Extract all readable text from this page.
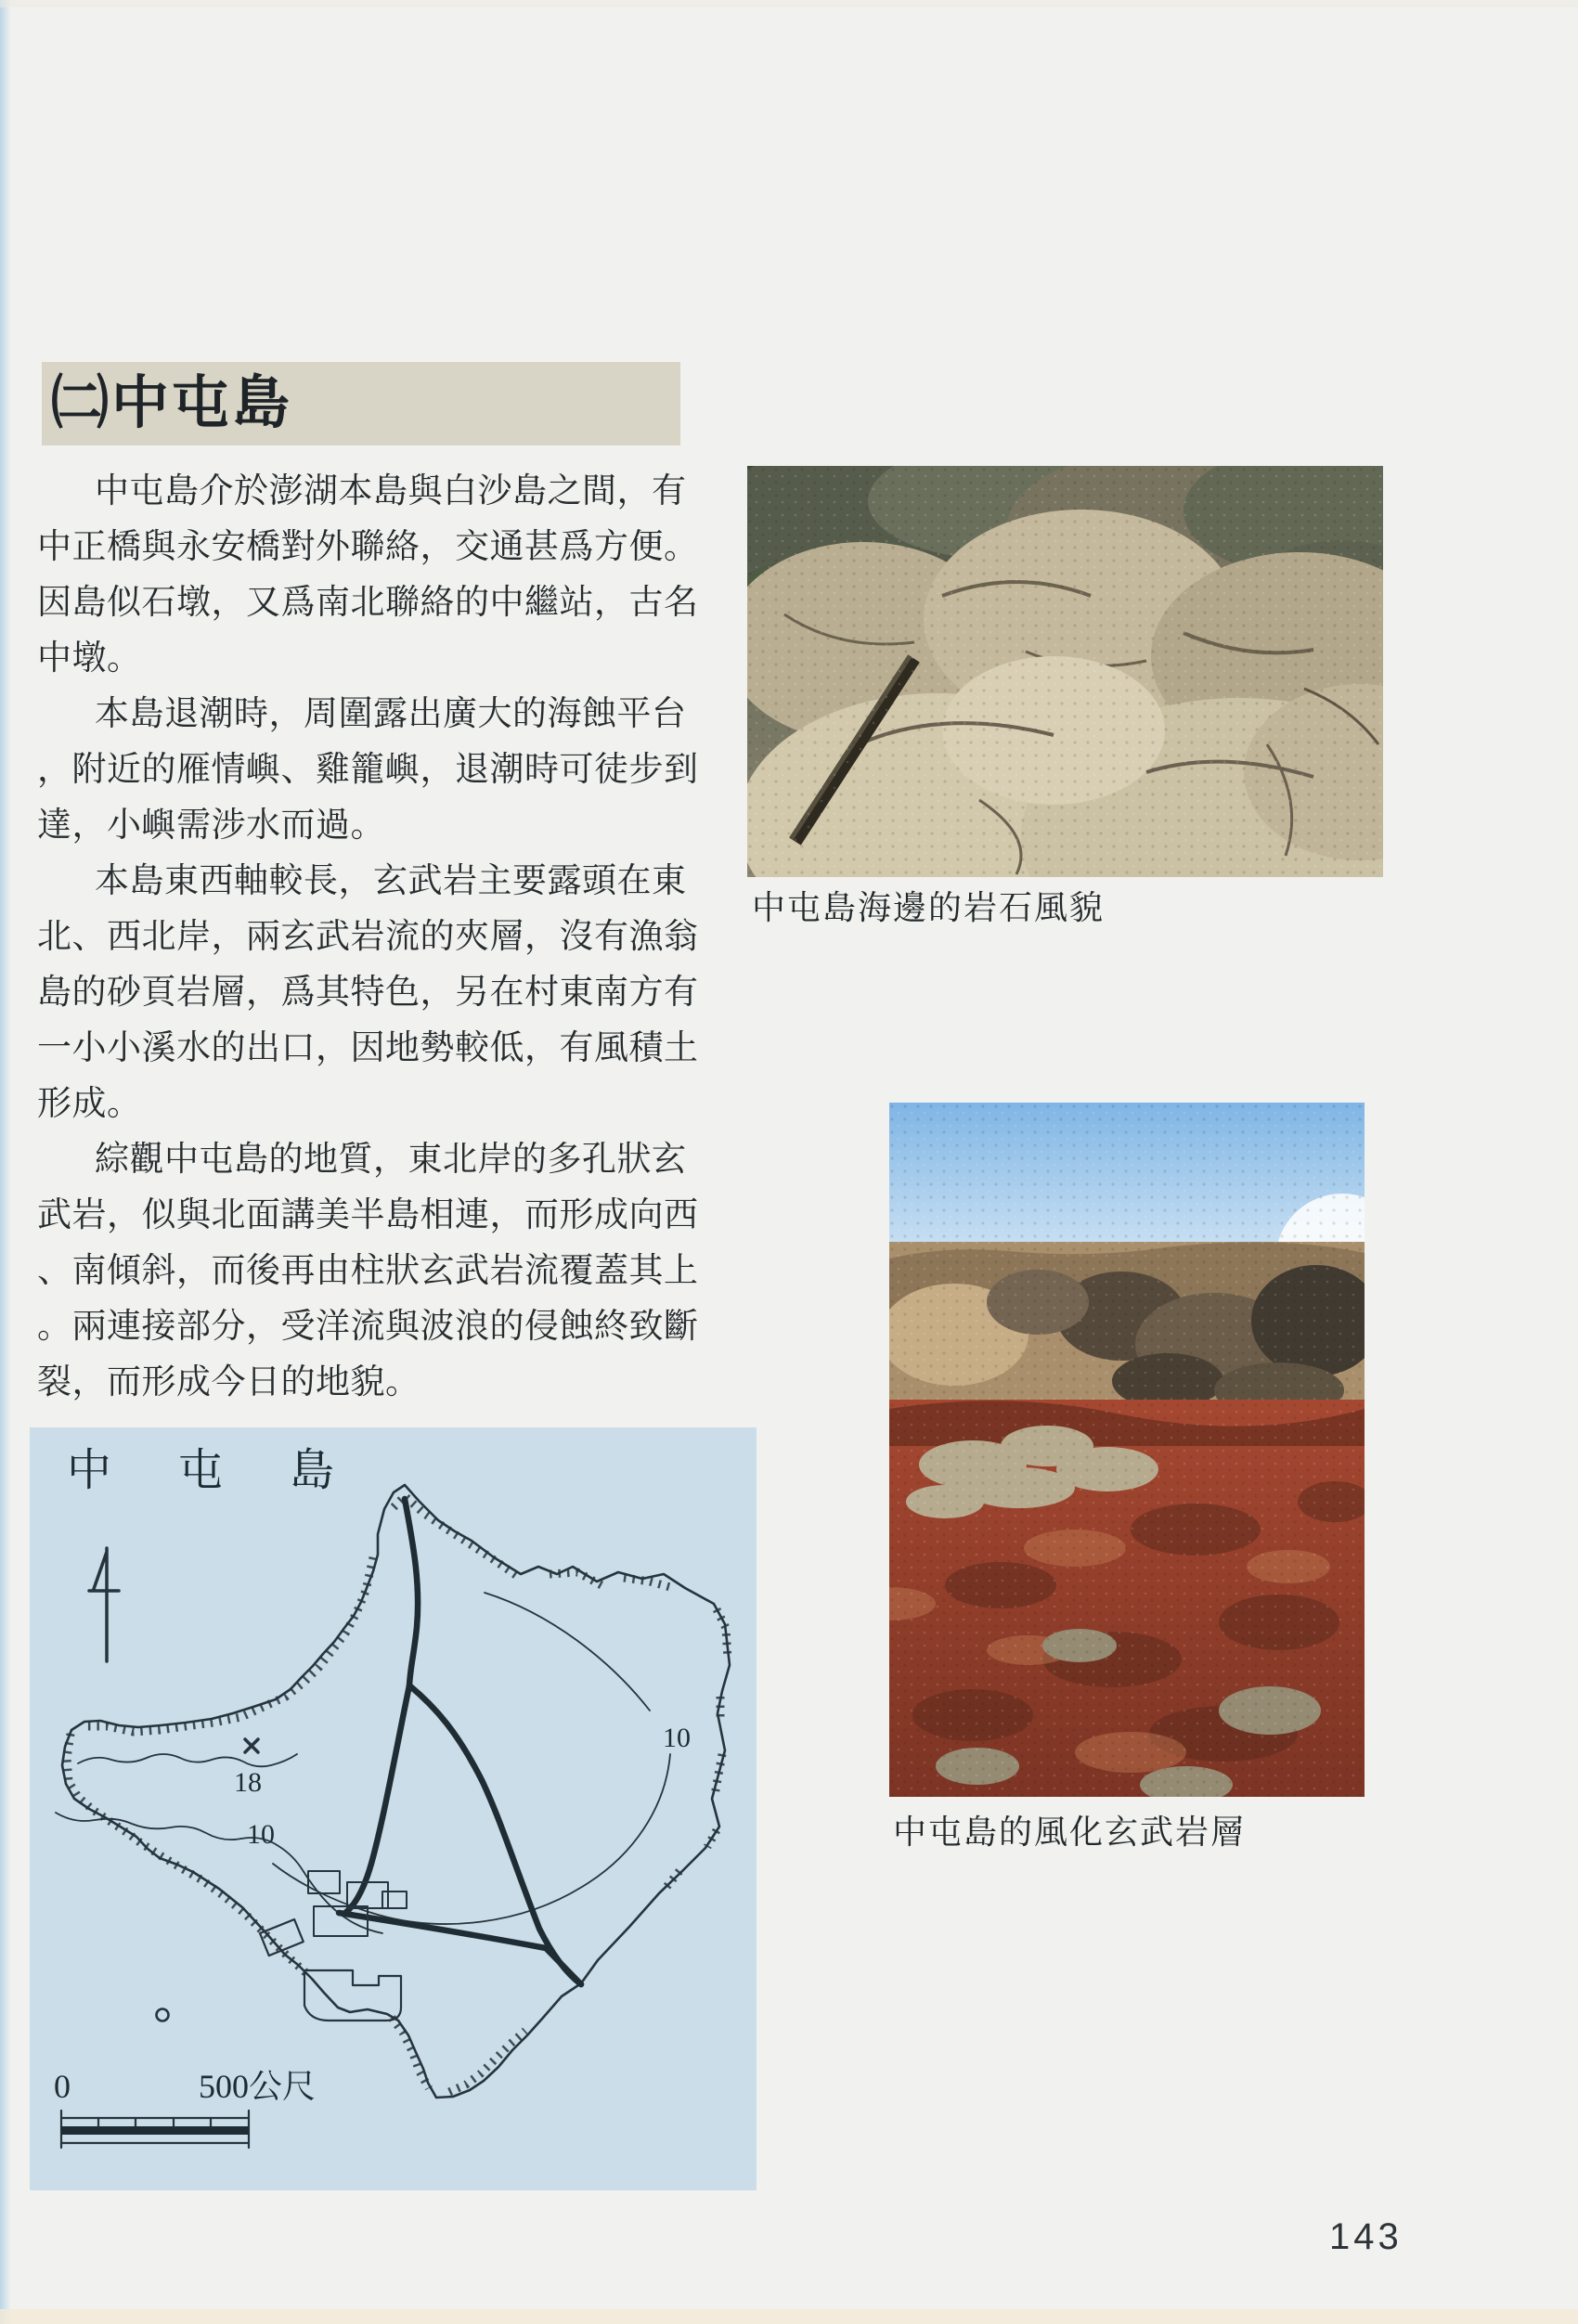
㈡中屯島
中屯島介於澎湖本島與白沙島之間，有
中正橋與永安橋對外聯絡，交通甚爲方便。
因島似石墩，又爲南北聯絡的中繼站，古名
中墩。
本島退潮時，周圍露出廣大的海蝕平台
，附近的雁情嶼、雞籠嶼，退潮時可徒步到
達，小嶼需涉水而過。
本島東西軸較長，玄武岩主要露頭在東
北、西北岸，兩玄武岩流的夾層，沒有漁翁
島的砂頁岩層，爲其特色，另在村東南方有
一小小溪水的出口，因地勢較低，有風積土
形成。
綜觀中屯島的地質，東北岸的多孔狀玄
武岩，似與北面講美半島相連，而形成向西
、南傾斜，而後再由柱狀玄武岩流覆蓋其上
。兩連接部分，受洋流與波浪的侵蝕終致斷
裂，而形成今日的地貌。
中屯島海邊的岩石風貌
中屯島的風化玄武岩層
中　屯　島
18
10
10
0	500公尺
143
